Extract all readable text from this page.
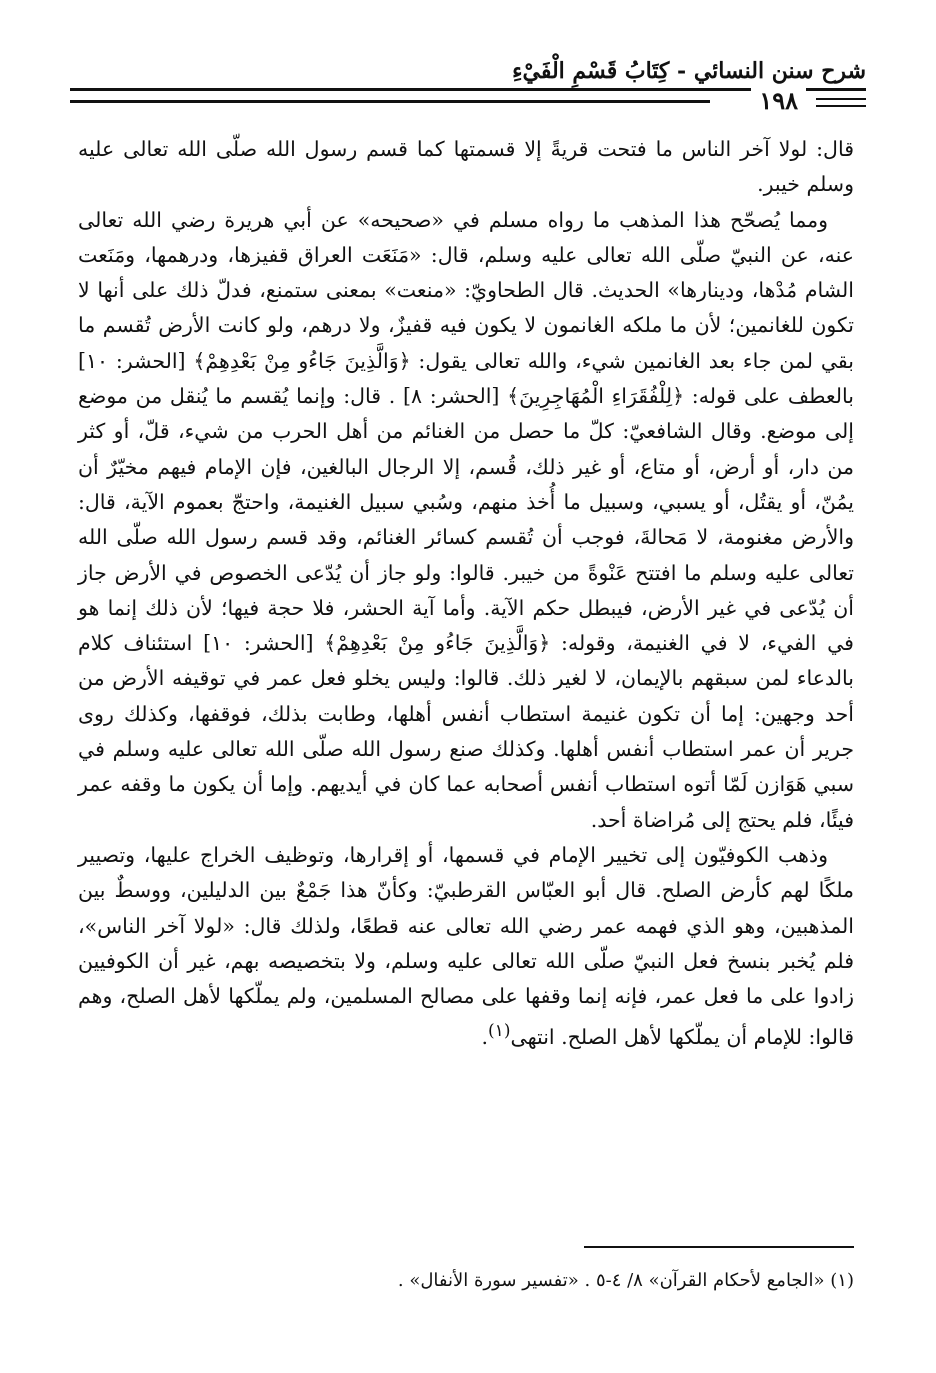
شرح سنن النسائي - كِتَابُ قَسْمِ الْفَيْءِ
١٩٨

قال: لولا آخر الناس ما فتحت قريةً إلا قسمتها كما قسم رسول الله صلّى الله تعالى عليه وسلم خيبر.

ومما يُصحّح هذا المذهب ما رواه مسلم في «صحيحه» عن أبي هريرة رضي الله تعالى عنه، عن النبيّ صلّى الله تعالى عليه وسلم، قال: «مَنَعَت العراق قفيزها، ودرهمها، ومَنَعت الشام مُدْها، ودينارها» الحديث. قال الطحاويّ: «منعت» بمعنى ستمنع، فدلّ ذلك على أنها لا تكون للغانمين؛ لأن ما ملكه الغانمون لا يكون فيه قفيزٌ، ولا درهم، ولو كانت الأرض تُقسم ما بقي لمن جاء بعد الغانمين شيء، والله تعالى يقول: ﴿وَالَّذِينَ جَاءُو مِنْ بَعْدِهِمْ﴾ [الحشر: ١٠] بالعطف على قوله: ﴿لِلْفُقَرَاءِ الْمُهَاجِرِينَ﴾ [الحشر: ٨] . قال: وإنما يُقسم ما يُنقل من موضع إلى موضع. وقال الشافعيّ: كلّ ما حصل من الغنائم من أهل الحرب من شيء، قلّ، أو كثر من دار، أو أرض، أو متاع، أو غير ذلك، قُسم، إلا الرجال البالغين، فإن الإمام فيهم مخيّرٌ أن يمُنّ، أو يقتُل، أو يسبي، وسبيل ما أُخذ منهم، وسُبي سبيل الغنيمة، واحتجّ بعموم الآية، قال: والأرض مغنومة، لا مَحالةَ، فوجب أن تُقسم كسائر الغنائم، وقد قسم رسول الله صلّى الله تعالى عليه وسلم ما افتتح عَنْوةً من خيبر. قالوا: ولو جاز أن يُدّعى الخصوص في الأرض جاز أن يُدّعى في غير الأرض، فيبطل حكم الآية. وأما آية الحشر، فلا حجة فيها؛ لأن ذلك إنما هو في الفيء، لا في الغنيمة، وقوله: ﴿وَالَّذِينَ جَاءُو مِنْ بَعْدِهِمْ﴾ [الحشر: ١٠] استئناف كلام بالدعاء لمن سبقهم بالإيمان، لا لغير ذلك. قالوا: وليس يخلو فعل عمر في توقيفه الأرض من أحد وجهين: إما أن تكون غنيمة استطاب أنفس أهلها، وطابت بذلك، فوقفها، وكذلك روى جرير أن عمر استطاب أنفس أهلها. وكذلك صنع رسول الله صلّى الله تعالى عليه وسلم في سبي هَوَازن لَمّا أتوه استطاب أنفس أصحابه عما كان في أيديهم. وإما أن يكون ما وقفه عمر فيئًا، فلم يحتج إلى مُراضاة أحد.

وذهب الكوفيّون إلى تخيير الإمام في قسمها، أو إقرارها، وتوظيف الخراج عليها، وتصيير ملكًا لهم كأرض الصلح. قال أبو العبّاس القرطبيّ: وكأنّ هذا جَمْعٌ بين الدليلين، ووسطٌ بين المذهبين، وهو الذي فهمه عمر رضي الله تعالى عنه قطعًا، ولذلك قال: «لولا آخر الناس»، فلم يُخبر بنسخ فعل النبيّ صلّى الله تعالى عليه وسلم، ولا بتخصيصه بهم، غير أن الكوفيين زادوا على ما فعل عمر، فإنه إنما وقفها على مصالح المسلمين، ولم يملّكها لأهل الصلح، وهم قالوا: للإمام أن يملّكها لأهل الصلح. انتهى$^{(١)}$.

(١) «الجامع لأحكام القرآن» ٨/ ٤-٥ . «تفسير سورة الأنفال» .
